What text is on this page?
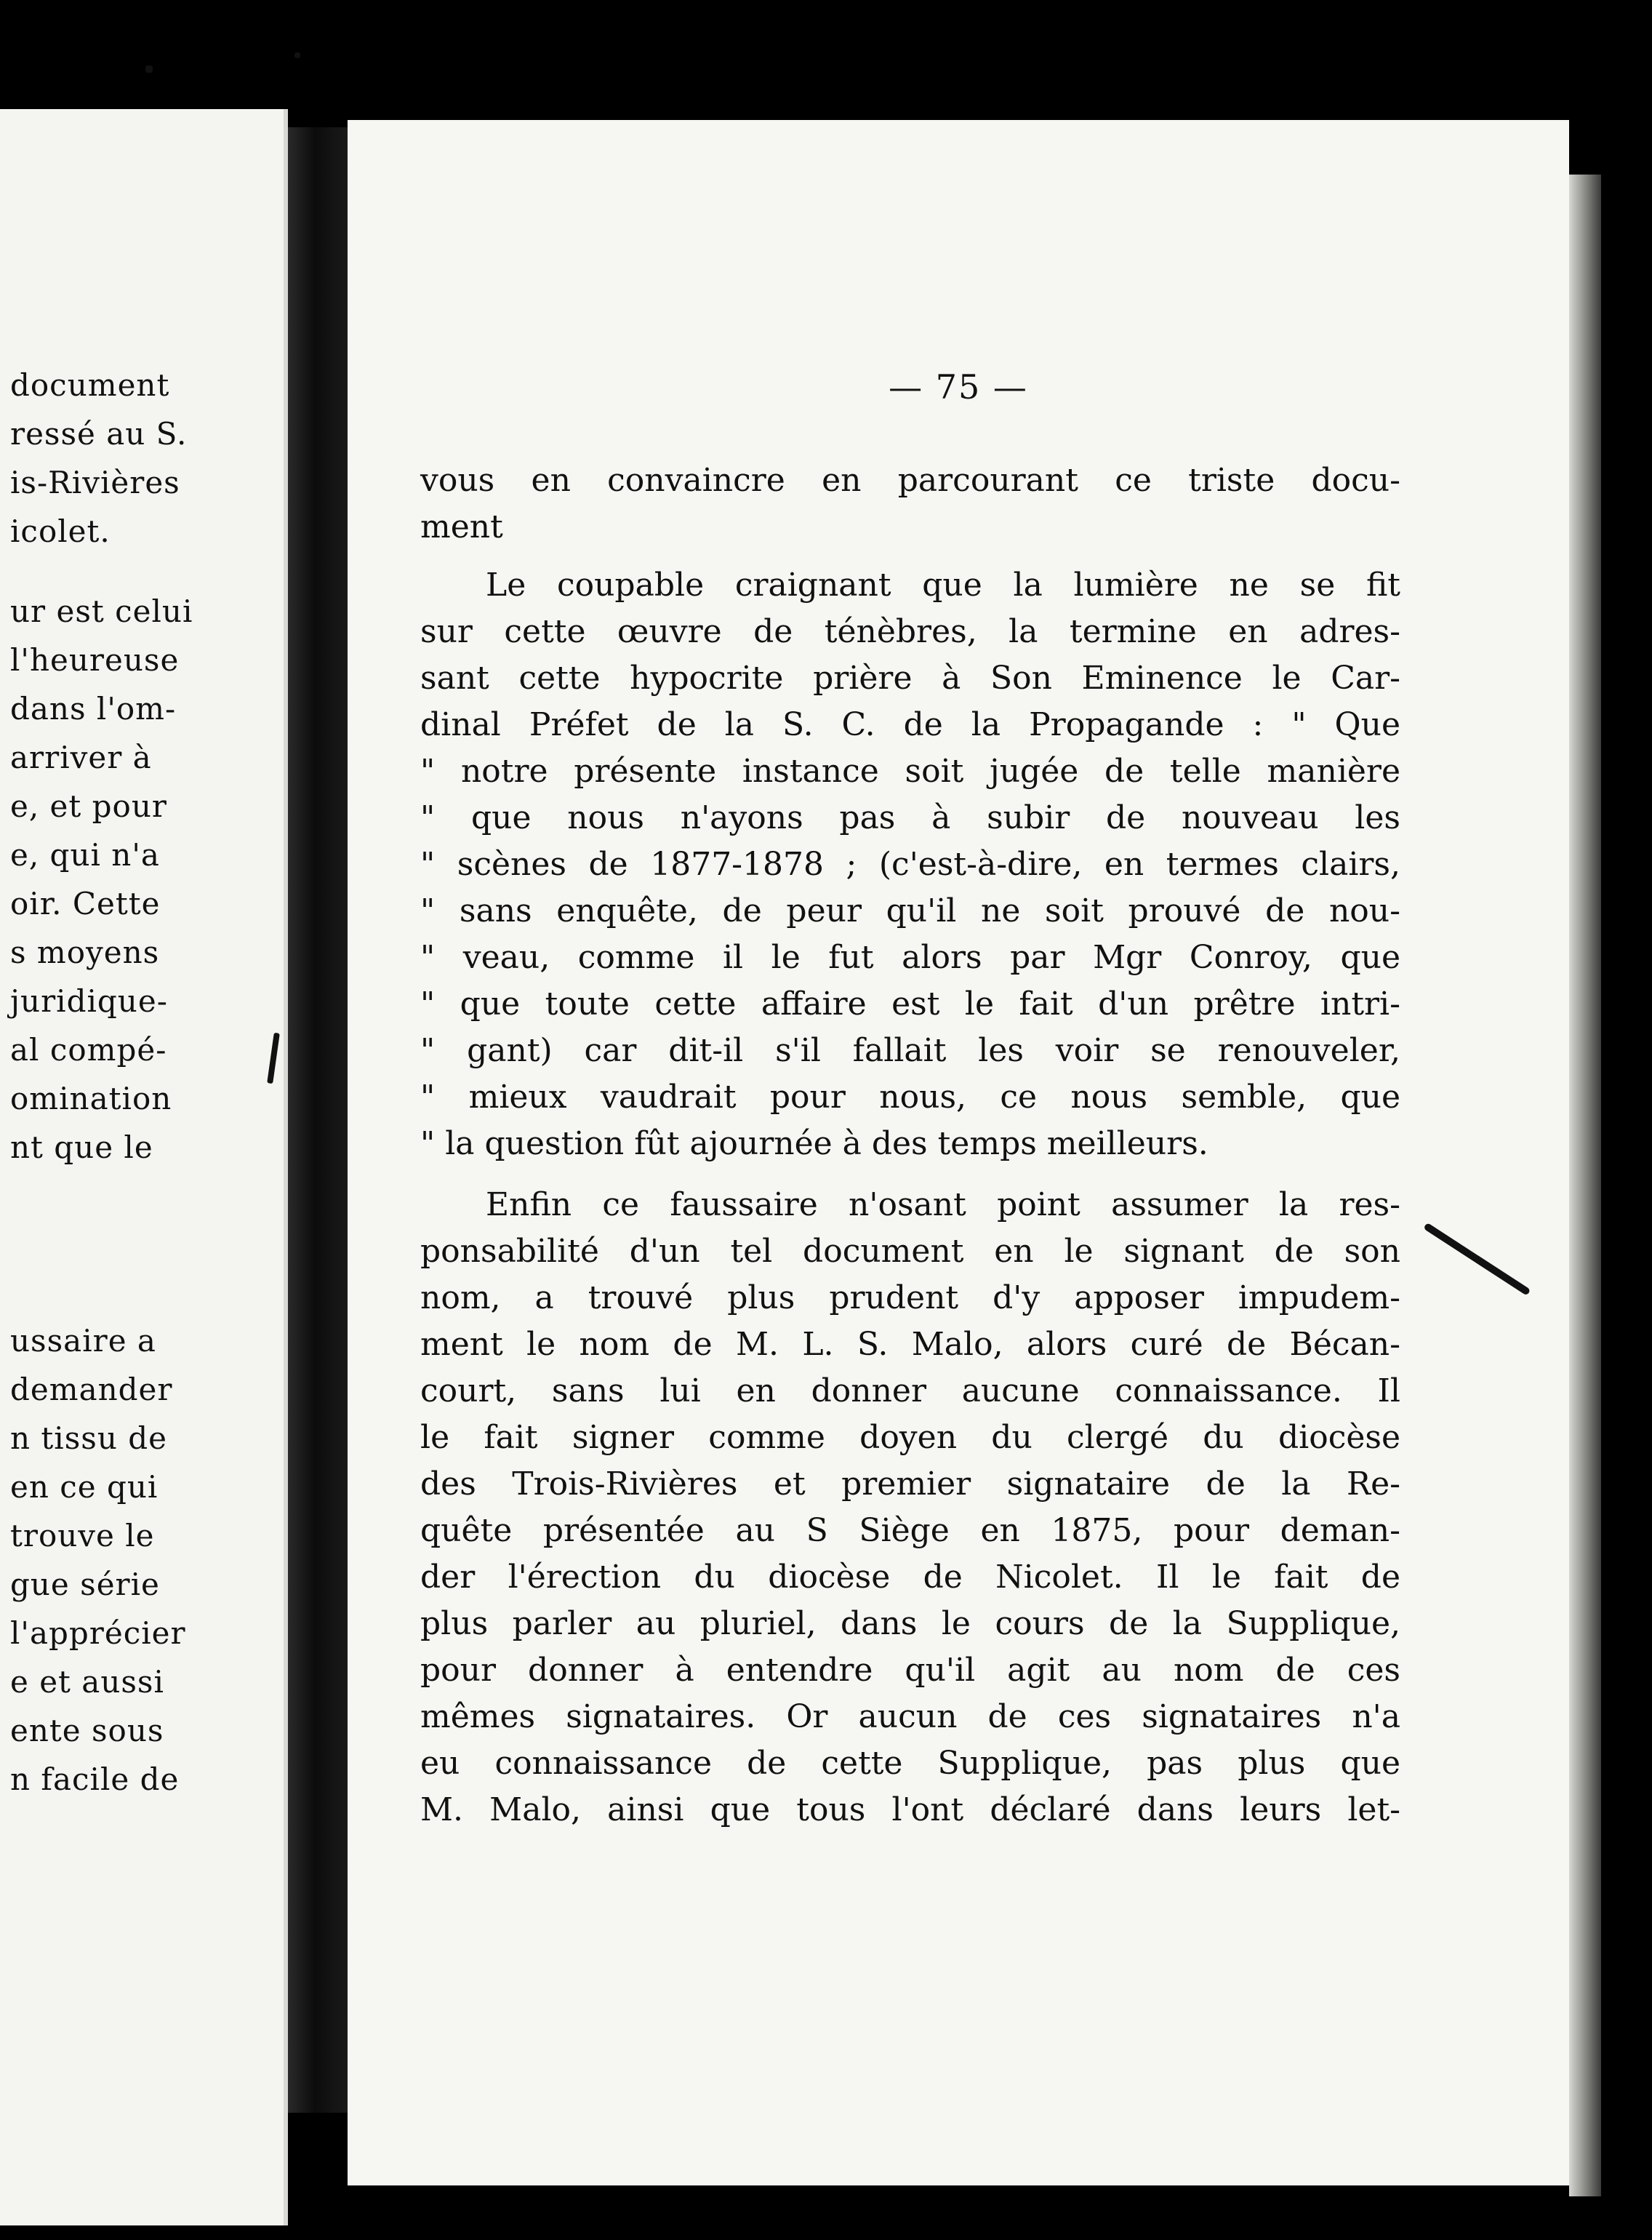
document
ressé au S.
is-Rivières
icolet.
ur est celui
l'heureuse
dans l'om-
arriver à
e, et pour
e, qui n'a
oir. Cette
s moyens
juridique-
al compé-
omination
nt que le
ussaire a
demander
n tissu de
en ce qui
trouve le
gue série
l'apprécier
e et aussi
ente sous
n facile de
— 75 —
vous en convaincre en parcourant ce triste docu-
ment
Le coupable craignant que la lumière ne se fit
sur cette œuvre de ténèbres, la termine en adres-
sant cette hypocrite prière à Son Eminence le Car-
dinal Préfet de la S. C. de la Propagande : " Que
" notre présente instance soit jugée de telle manière
" que nous n'ayons pas à subir de nouveau les
" scènes de 1877-1878 ; (c'est-à-dire, en termes clairs,
" sans enquête, de peur qu'il ne soit prouvé de nou-
" veau, comme il le fut alors par Mgr Conroy, que
" que toute cette affaire est le fait d'un prêtre intri-
" gant) car dit-il s'il fallait les voir se renouveler,
" mieux vaudrait pour nous, ce nous semble, que
" la question fût ajournée à des temps meilleurs.
Enfin ce faussaire n'osant point assumer la res-
ponsabilité d'un tel document en le signant de son
nom, a trouvé plus prudent d'y apposer impudem-
ment le nom de M. L. S. Malo, alors curé de Bécan-
court, sans lui en donner aucune connaissance. Il
le fait signer comme doyen du clergé du diocèse
des Trois-Rivières et premier signataire de la Re-
quête présentée au S Siège en 1875, pour deman-
der l'érection du diocèse de Nicolet. Il le fait de
plus parler au pluriel, dans le cours de la Supplique,
pour donner à entendre qu'il agit au nom de ces
mêmes signataires. Or aucun de ces signataires n'a
eu connaissance de cette Supplique, pas plus que
M. Malo, ainsi que tous l'ont déclaré dans leurs let-
